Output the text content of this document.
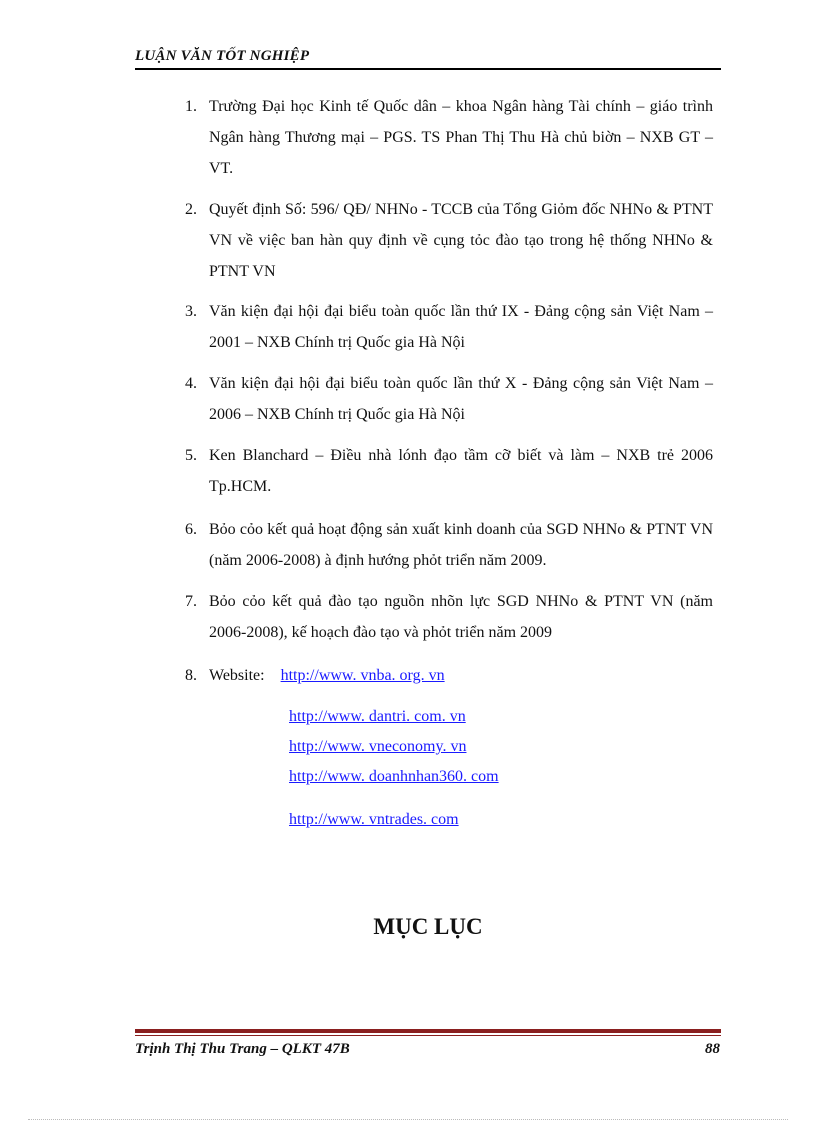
LUẬN VĂN TỐT NGHIỆP
1. Trường Đại học Kinh tế Quốc dân – khoa Ngân hàng Tài chính – giáo trình Ngân hàng Thương mại – PGS. TS Phan Thị Thu Hà chủ biờn – NXB GT – VT.
2. Quyết định Số: 596/ QĐ/ NHNo - TCCB của Tổng Giỏm đốc NHNo & PTNT VN về việc ban hàn quy định về cụng tỏc đào tạo trong hệ thống NHNo & PTNT VN
3. Văn kiện đại hội đại biểu toàn quốc lần thứ IX - Đảng cộng sản Việt Nam – 2001 – NXB Chính trị Quốc gia Hà Nội
4. Văn kiện đại hội đại biểu toàn quốc lần thứ X - Đảng cộng sản Việt Nam – 2006 – NXB Chính trị Quốc gia Hà Nội
5. Ken Blanchard – Điều nhà lónh đạo tầm cỡ biết và làm – NXB trẻ 2006 Tp.HCM.
6. Bỏo cỏo kết quả hoạt động sản xuất kinh doanh của SGD NHNo & PTNT VN (năm 2006-2008) à định hướng phỏt triển năm 2009.
7. Bỏo cỏo kết quả đào tạo nguồn nhõn lực SGD NHNo & PTNT VN (năm 2006-2008), kế hoạch đào tạo và phỏt triển năm 2009
8. Website: http://www. vnba. org. vn
http://www. dantri. com. vn
http://www. vneconomy. vn
http://www. doanhnhan360. com
http://www. vntrades. com
MỤC LỤC
Trịnh Thị Thu Trang – QLKT 47B	88
